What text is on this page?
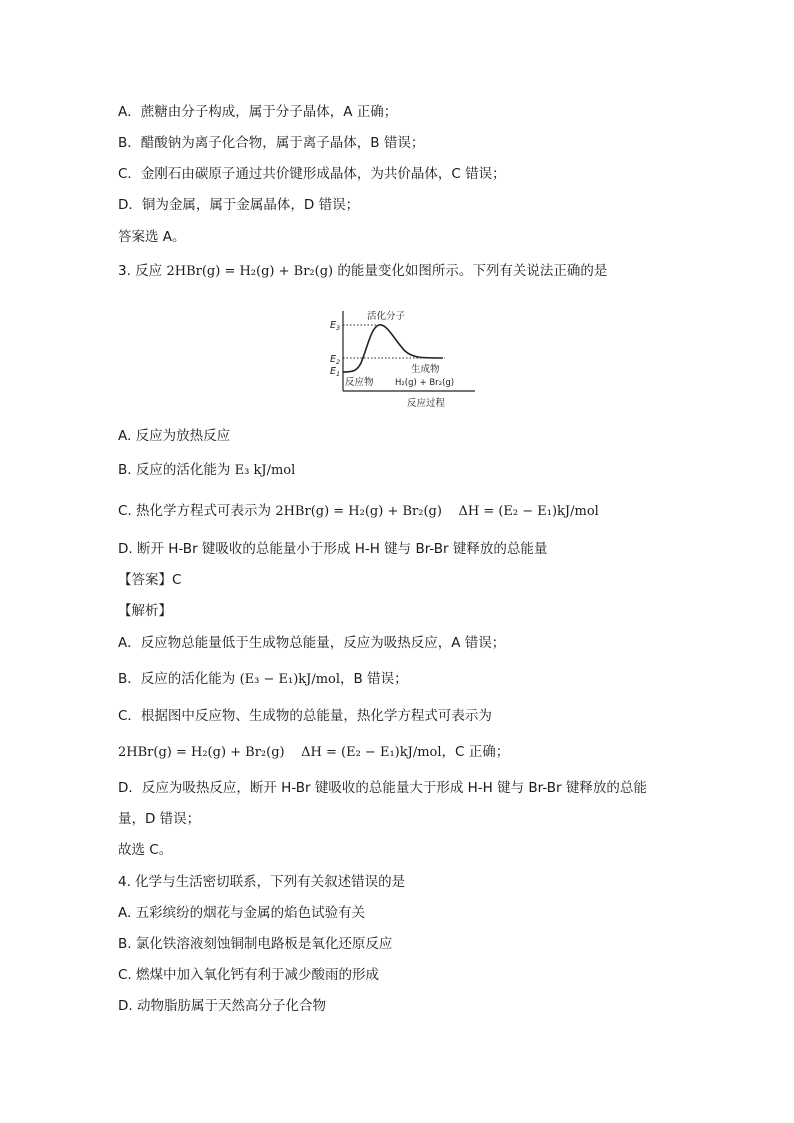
A．蔗糖由分子构成，属于分子晶体，A 正确；
B．醋酸钠为离子化合物，属于离子晶体，B 错误；
C．金刚石由碳原子通过共价键形成晶体，为共价晶体，C 错误；
D．铜为金属，属于金属晶体，D 错误；
答案选 A。
3. 反应 2HBr(g) = H₂(g) + Br₂(g) 的能量变化如图所示。下列有关说法正确的是
活化分子
$E_3$
$E_2$
$E_1$
反应物
生成物
H₂(g) + Br₂(g)
反应过程
A. 反应为放热反应
B. 反应的活化能为 E₃ kJ/mol
C. 热化学方程式可表示为 2HBr(g) = H₂(g) + Br₂(g)    ΔH = (E₂ − E₁)kJ/mol
D. 断开 H-Br 键吸收的总能量小于形成 H-H 键与 Br-Br 键释放的总能量
【答案】C
【解析】
A．反应物总能量低于生成物总能量，反应为吸热反应，A 错误；
B．反应的活化能为 (E₃ − E₁)kJ/mol，B 错误；
C．根据图中反应物、生成物的总能量，热化学方程式可表示为
2HBr(g) = H₂(g) + Br₂(g)    ΔH = (E₂ − E₁)kJ/mol，C 正确；
D．反应为吸热反应，断开 H-Br 键吸收的总能量大于形成 H-H 键与 Br-Br 键释放的总能
量，D 错误；
故选 C。
4. 化学与生活密切联系，下列有关叙述错误的是
A. 五彩缤纷的烟花与金属的焰色试验有关
B. 氯化铁溶液刻蚀铜制电路板是氧化还原反应
C. 燃煤中加入氧化钙有利于减少酸雨的形成
D. 动物脂肪属于天然高分子化合物
